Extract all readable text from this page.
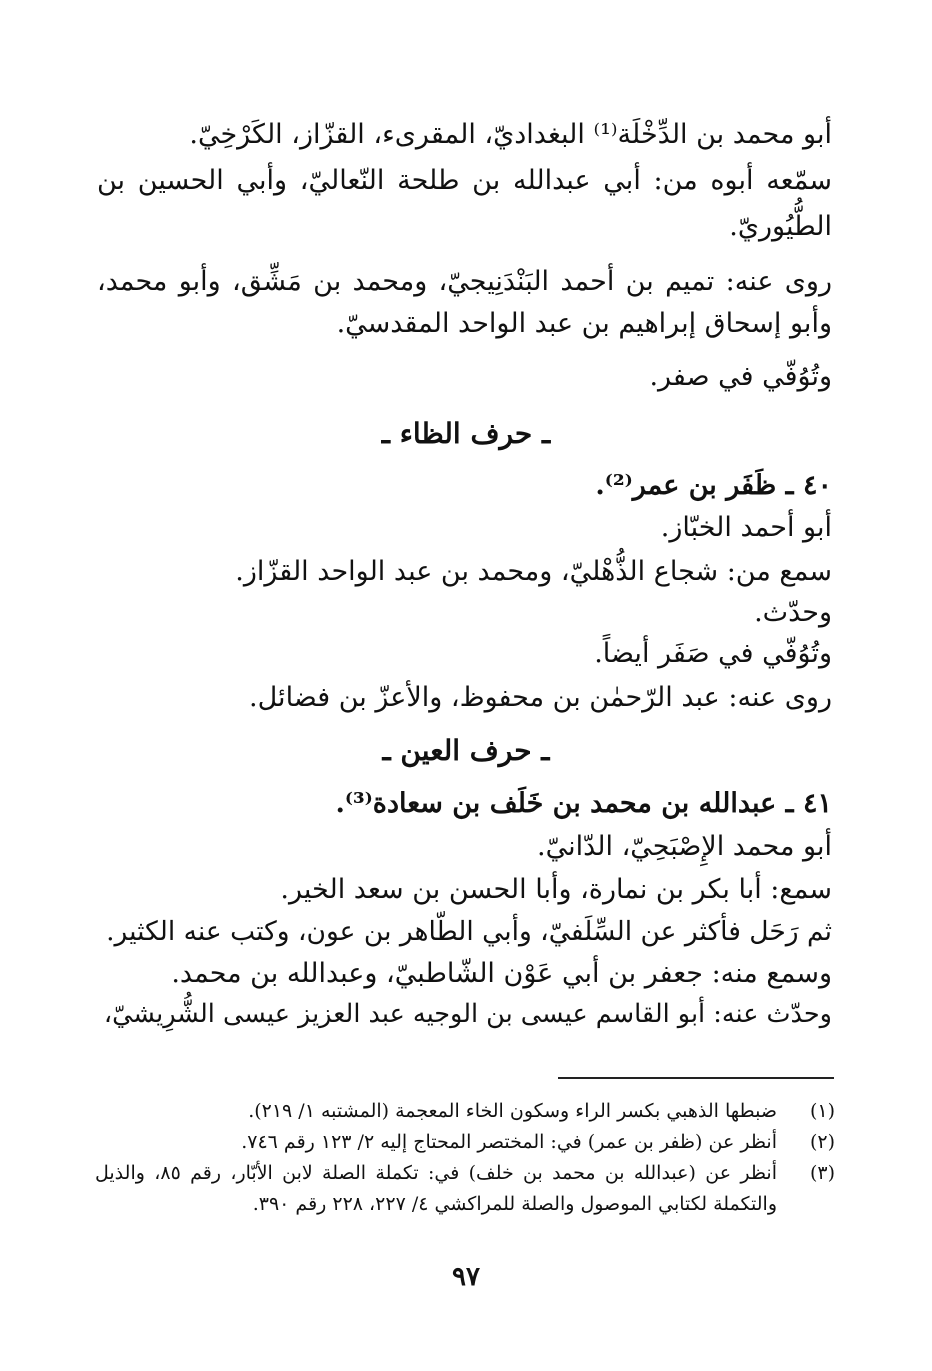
أبو محمد بن الدِّخْلَة⁽¹⁾ البغداديّ، المقرىء، القزّاز، الكَرْخِيّ.
سمّعه أبوه من: أبي عبدالله بن طلحة النّعاليّ، وأبي الحسين بن
الطُّيُوريّ.
روى عنه: تميم بن أحمد البَنْدَنِيجيّ، ومحمد بن مَشِّق، وأبو محمد،
وأبو إسحاق إبراهيم بن عبد الواحد المقدسيّ.
وتُوُفّي في صفر.
ـ حرف الظاء ـ
٤٠ ـ ظَفَر بن عمر⁽²⁾.
أبو أحمد الخبّاز.
سمع من: شجاع الذُّهْليّ، ومحمد بن عبد الواحد القزّاز.
وحدّث.
وتُوُفّي في صَفَر أيضاً.
روى عنه: عبد الرّحمٰن بن محفوظ، والأعزّ بن فضائل.
ـ حرف العين ـ
٤١ ـ عبدالله بن محمد بن خَلَف بن سعادة⁽³⁾.
أبو محمد الإِصْبَحِيّ، الدّانيّ.
سمع: أبا بكر بن نمارة، وأبا الحسن بن سعد الخير.
ثم رَحَل فأكثر عن السِّلَفيّ، وأبي الطّاهر بن عون، وكتب عنه الكثير.
وسمع منه: جعفر بن أبي عَوْن الشّاطبيّ، وعبدالله بن محمد.
وحدّث عنه: أبو القاسم عيسى بن الوجيه عبد العزيز عيسى الشُّرِيشيّ،
(١)
ضبطها الذهبي بكسر الراء وسكون الخاء المعجمة (المشتبه ١/ ٢١٩).
(٢)
أنظر عن (ظفر بن عمر) في: المختصر المحتاج إليه ٢/ ١٢٣ رقم ٧٤٦.
(٣)
أنظر عن (عبدالله بن محمد بن خلف) في: تكملة الصلة لابن الأبّار، رقم ٨٥، والذيل
والتكملة لكتابي الموصول والصلة للمراكشي ٤/ ٢٢٧، ٢٢٨ رقم ٣٩٠.
٩٧
